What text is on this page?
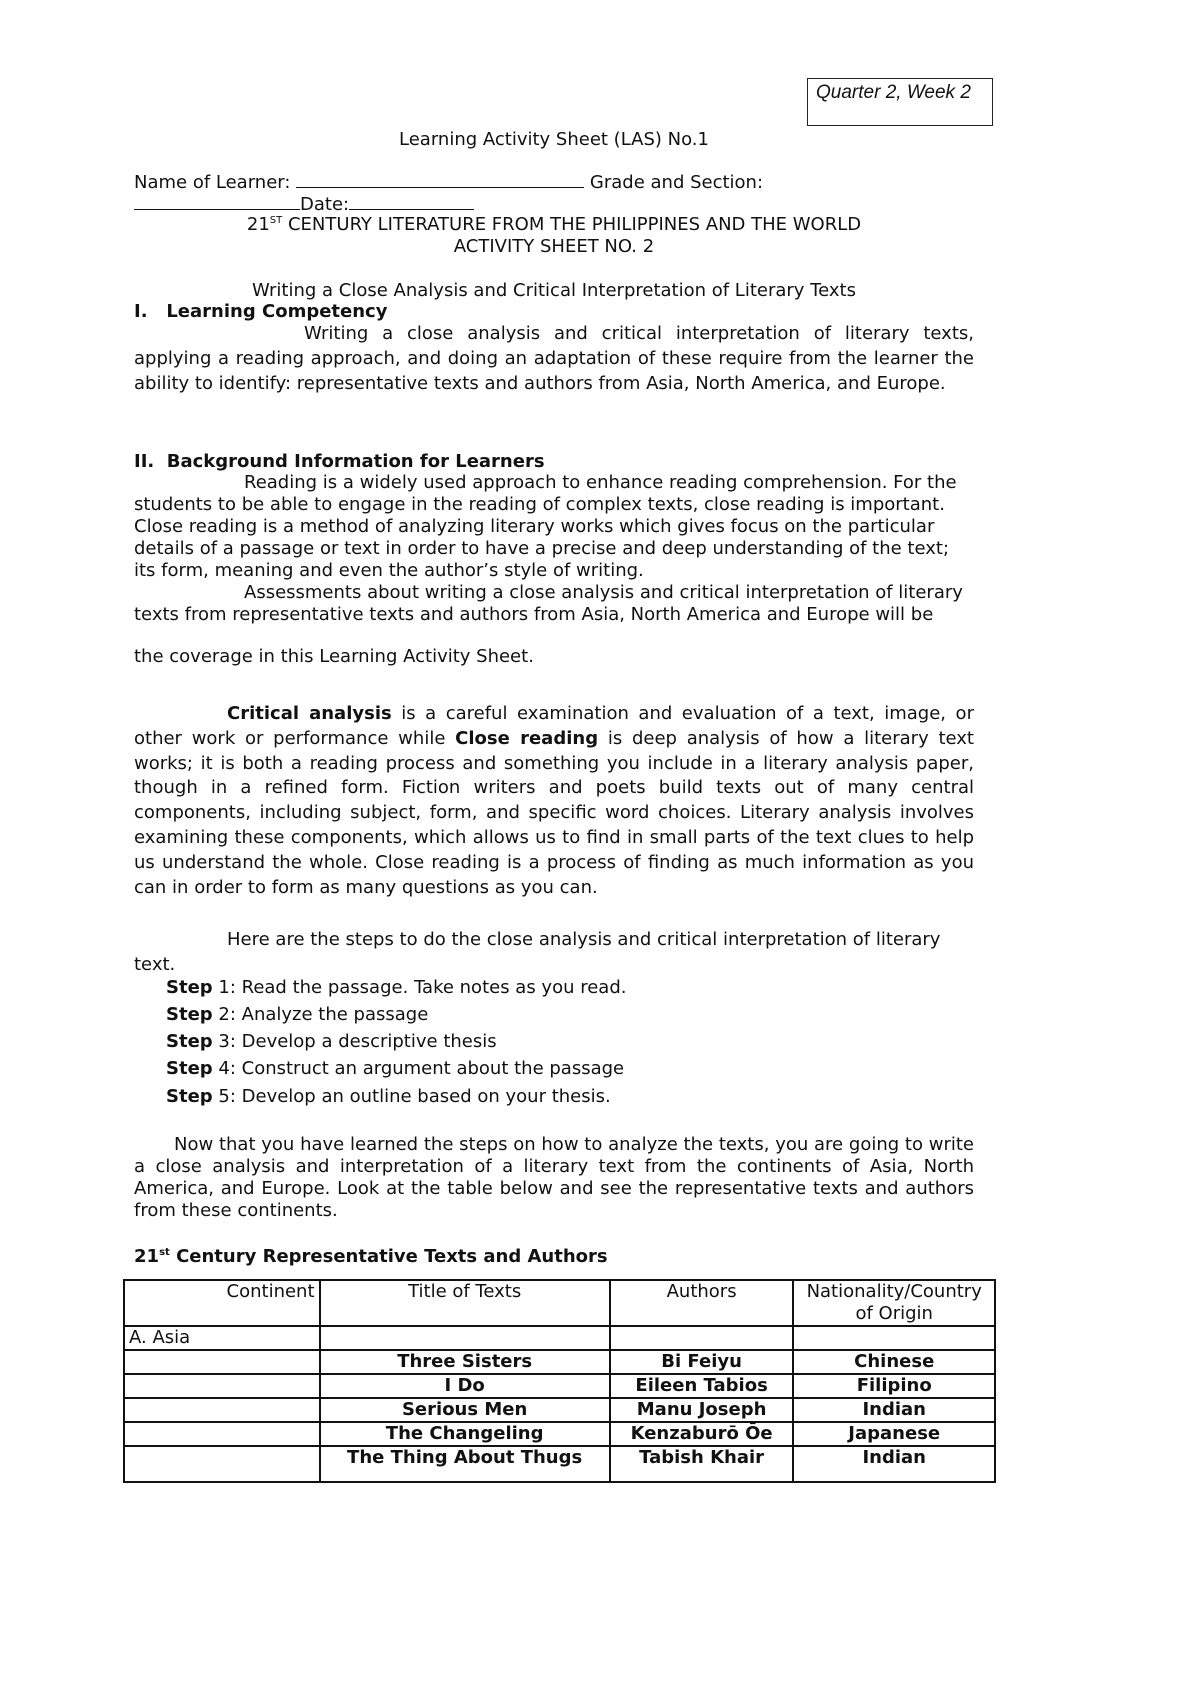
Quarter 2, Week 2
Learning Activity Sheet (LAS) No.1
Name of Learner:	Grade and Section:
Date:
21ST CENTURY LITERATURE FROM THE PHILIPPINES AND THE WORLD
ACTIVITY SHEET NO. 2
Writing a Close Analysis and Critical Interpretation of Literary Texts
I.   Learning Competency
Writing a close analysis and critical interpretation of literary texts, applying a reading approach, and doing an adaptation of these require from the learner the ability to identify: representative texts and authors from Asia, North America, and Europe.
II.  Background Information for Learners
Reading is a widely used approach to enhance reading comprehension. For the students to be able to engage in the reading of complex texts, close reading is important. Close reading is a method of analyzing literary works which gives focus on the particular details of a passage or text in order to have a precise and deep understanding of the text; its form, meaning and even the author’s style of writing.
Assessments about writing a close analysis and critical interpretation of literary texts from representative texts and authors from Asia, North America and Europe will be
the coverage in this Learning Activity Sheet.
Critical analysis is a careful examination and evaluation of a text, image, or other work or performance while Close reading is deep analysis of how a literary text works; it is both a reading process and something you include in a literary analysis paper, though in a refined form. Fiction writers and poets build texts out of many central components, including subject, form, and specific word choices. Literary analysis involves examining these components, which allows us to find in small parts of the text clues to help us understand the whole. Close reading is a process of finding as much information as you can in order to form as many questions as you can.
Here are the steps to do the close analysis and critical interpretation of literary text.
Step 1: Read the passage. Take notes as you read.
Step 2: Analyze the passage
Step 3: Develop a descriptive thesis
Step 4: Construct an argument about the passage
Step 5: Develop an outline based on your thesis.
Now that you have learned the steps on how to analyze the texts, you are going to write a close analysis and interpretation of a literary text from the continents of Asia, North America, and Europe. Look at the table below and see the representative texts and authors from these continents.
21st Century Representative Texts and Authors
Continent	Title of Texts	Authors	Nationality/Country of Origin
A. Asia			
	Three Sisters	Bi Feiyu	Chinese
	I Do	Eileen Tabios	Filipino
	Serious Men	Manu Joseph	Indian
	The Changeling	Kenzaburō Ōe	Japanese
	The Thing About Thugs	Tabish Khair	Indian
